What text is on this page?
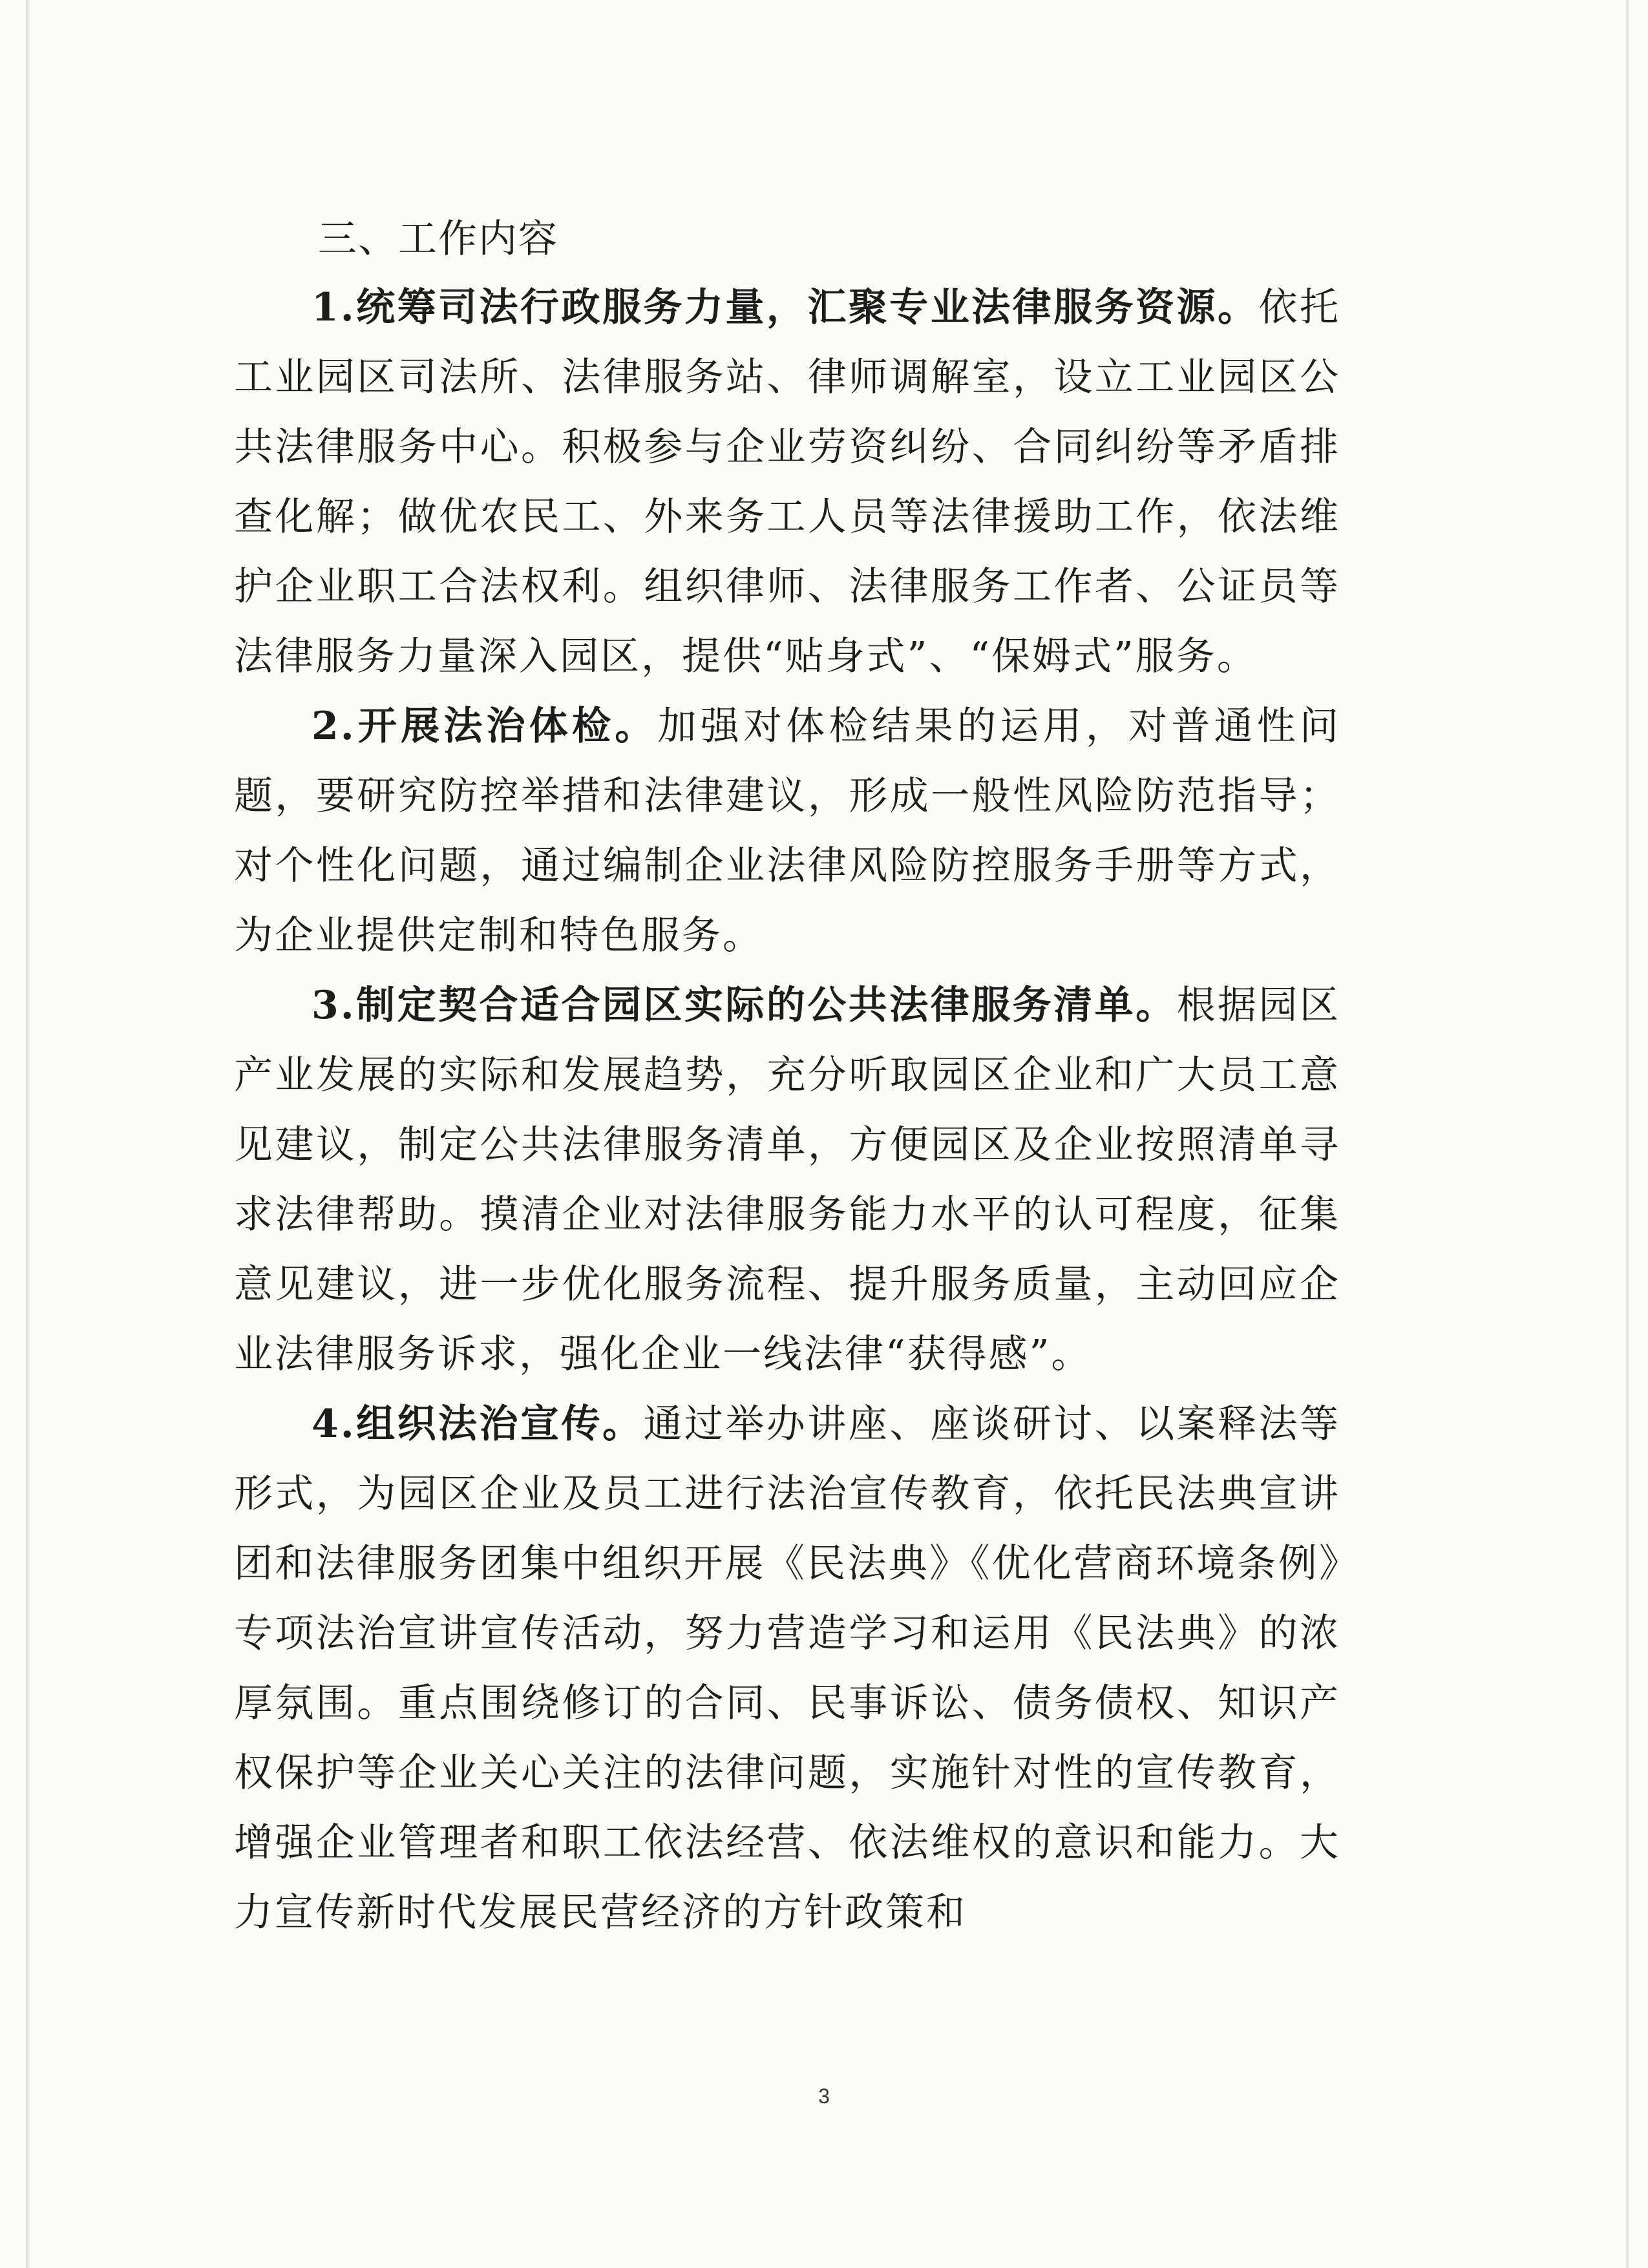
三、工作内容

1.统筹司法行政服务力量，汇聚专业法律服务资源。依托工业园区司法所、法律服务站、律师调解室，设立工业园区公共法律服务中心。积极参与企业劳资纠纷、合同纠纷等矛盾排查化解；做优农民工、外来务工人员等法律援助工作，依法维护企业职工合法权利。组织律师、法律服务工作者、公证员等法律服务力量深入园区，提供“贴身式”、“保姆式”服务。

2.开展法治体检。加强对体检结果的运用，对普通性问题，要研究防控举措和法律建议，形成一般性风险防范指导；对个性化问题，通过编制企业法律风险防控服务手册等方式，为企业提供定制和特色服务。

3.制定契合适合园区实际的公共法律服务清单。根据园区产业发展的实际和发展趋势，充分听取园区企业和广大员工意见建议，制定公共法律服务清单，方便园区及企业按照清单寻求法律帮助。摸清企业对法律服务能力水平的认可程度，征集意见建议，进一步优化服务流程、提升服务质量，主动回应企业法律服务诉求，强化企业一线法律“获得感”。

4.组织法治宣传。通过举办讲座、座谈研讨、以案释法等形式，为园区企业及员工进行法治宣传教育，依托民法典宣讲团和法律服务团集中组织开展《民法典》《优化营商环境条例》专项法治宣讲宣传活动，努力营造学习和运用《民法典》的浓厚氛围。重点围绕修订的合同、民事诉讼、债务债权、知识产权保护等企业关心关注的法律问题，实施针对性的宣传教育，增强企业管理者和职工依法经营、依法维权的意识和能力。大力宣传新时代发展民营经济的方针政策和

3
